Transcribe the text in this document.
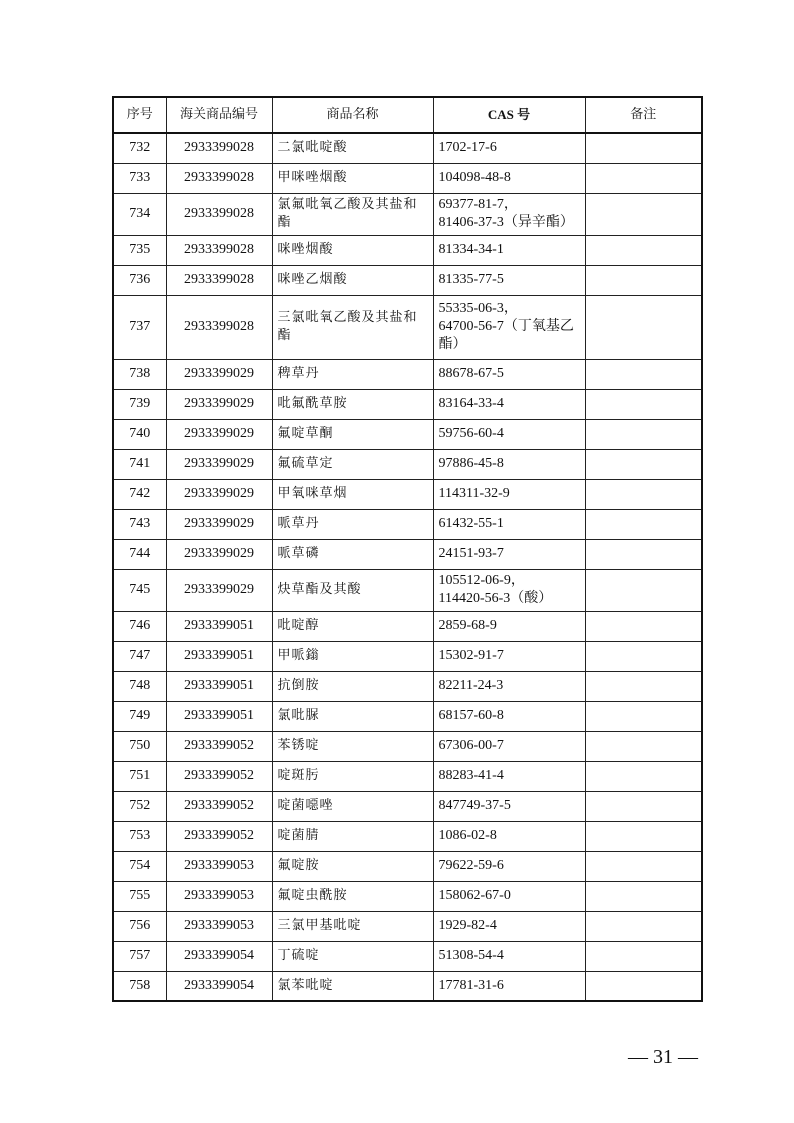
序号	海关商品编号	商品名称	CAS 号	备注
732	2933399028	二氯吡啶酸	1702-17-6	
733	2933399028	甲咪唑烟酸	104098-48-8	
734	2933399028	氯氟吡氧乙酸及其盐和酯	69377-81-7，
81406-37-3（异辛酯）	
735	2933399028	咪唑烟酸	81334-34-1	
736	2933399028	咪唑乙烟酸	81335-77-5	
737	2933399028	三氯吡氧乙酸及其盐和酯	55335-06-3，
64700-56-7（丁氧基乙酯）	
738	2933399029	稗草丹	88678-67-5	
739	2933399029	吡氟酰草胺	83164-33-4	
740	2933399029	氟啶草酮	59756-60-4	
741	2933399029	氟硫草定	97886-45-8	
742	2933399029	甲氧咪草烟	114311-32-9	
743	2933399029	哌草丹	61432-55-1	
744	2933399029	哌草磷	24151-93-7	
745	2933399029	炔草酯及其酸	105512-06-9，
114420-56-3（酸）	
746	2933399051	吡啶醇	2859-68-9	
747	2933399051	甲哌鎓	15302-91-7	
748	2933399051	抗倒胺	82211-24-3	
749	2933399051	氯吡脲	68157-60-8	
750	2933399052	苯锈啶	67306-00-7	
751	2933399052	啶斑肟	88283-41-4	
752	2933399052	啶菌噁唑	847749-37-5	
753	2933399052	啶菌腈	1086-02-8	
754	2933399053	氟啶胺	79622-59-6	
755	2933399053	氟啶虫酰胺	158062-67-0	
756	2933399053	三氯甲基吡啶	1929-82-4	
757	2933399054	丁硫啶	51308-54-4	
758	2933399054	氯苯吡啶	17781-31-6	
— 31 —
